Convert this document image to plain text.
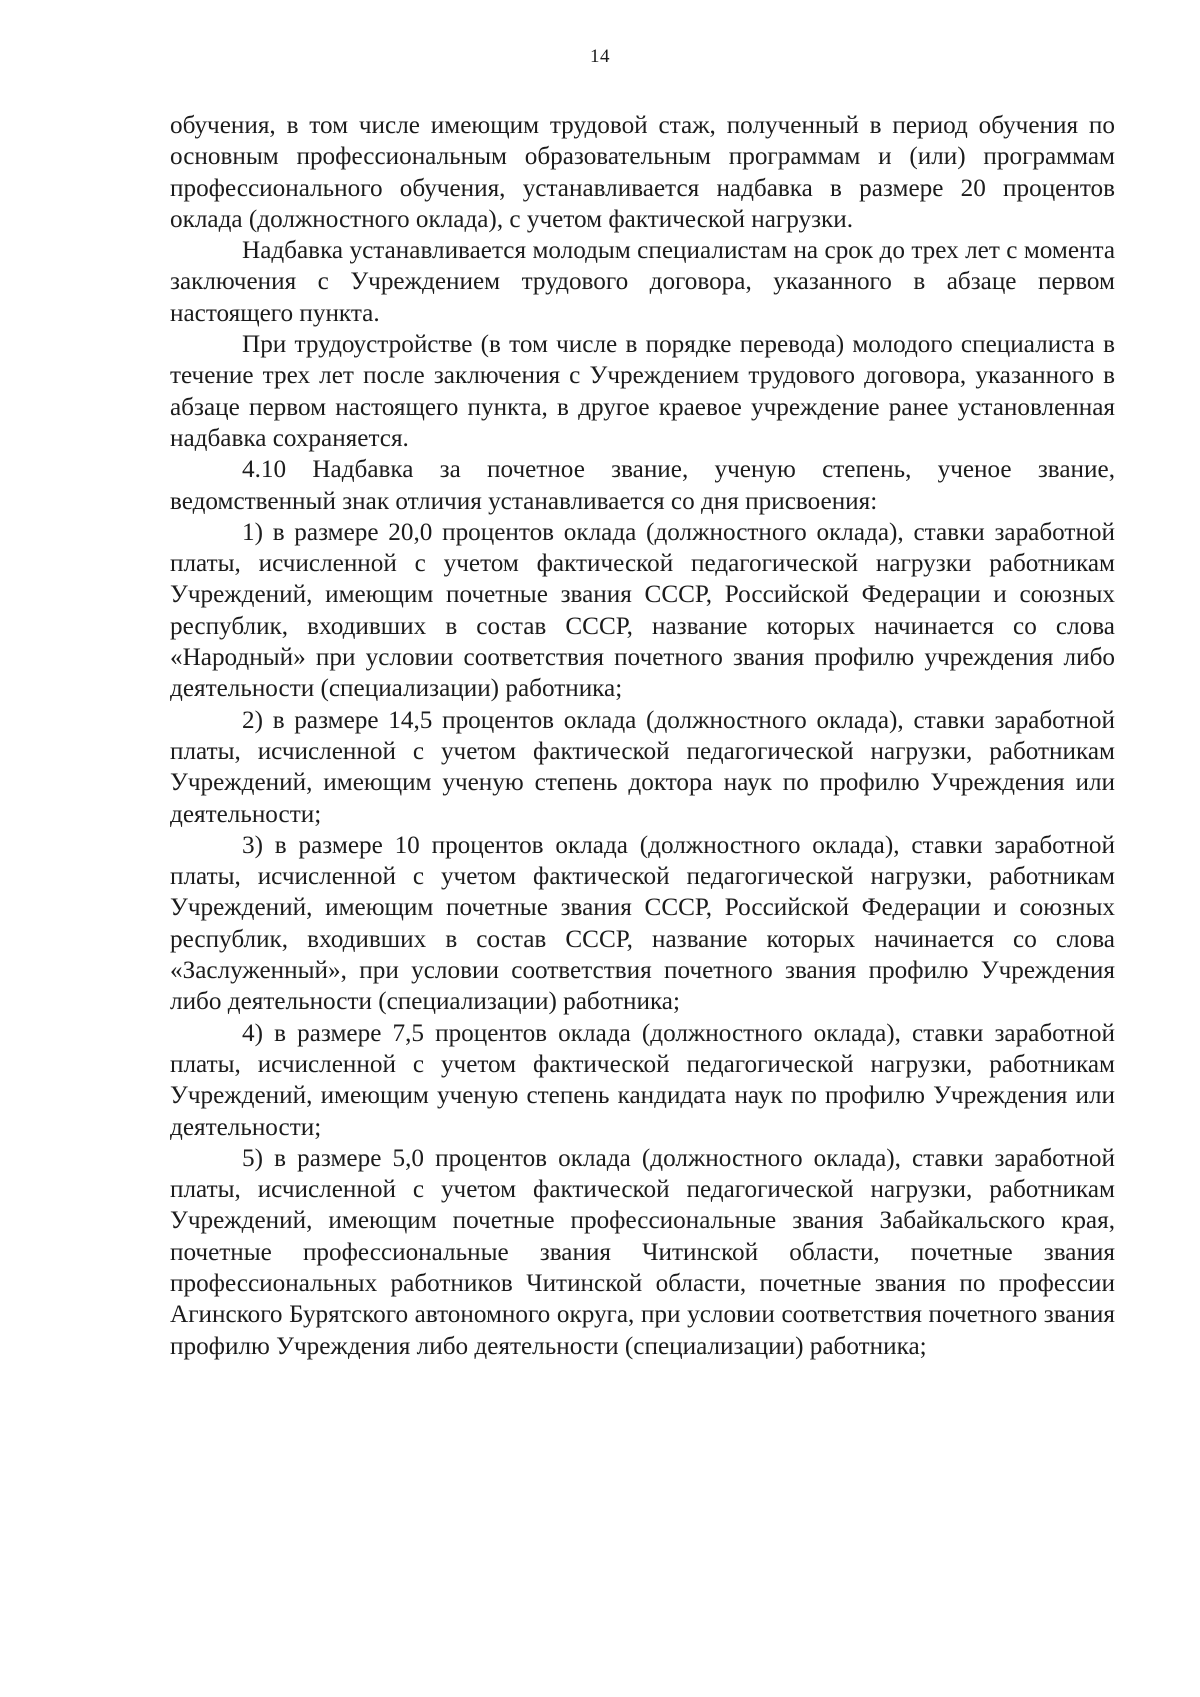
14

обучения, в том числе имеющим трудовой стаж, полученный в период обучения по основным профессиональным образовательным программам и (или) программам профессионального обучения, устанавливается надбавка в размере 20 процентов оклада (должностного оклада), с учетом фактической нагрузки.

Надбавка устанавливается молодым специалистам на срок до трех лет с момента заключения с Учреждением трудового договора, указанного в абзаце первом настоящего пункта.

При трудоустройстве (в том числе в порядке перевода) молодого специалиста в течение трех лет после заключения с Учреждением трудового договора, указанного в абзаце первом настоящего пункта, в другое краевое учреждение ранее установленная надбавка сохраняется.

4.10 Надбавка за почетное звание, ученую степень, ученое звание, ведомственный знак отличия устанавливается со дня присвоения:

1) в размере 20,0 процентов оклада (должностного оклада), ставки заработной платы, исчисленной с учетом фактической педагогической нагрузки работникам Учреждений, имеющим почетные звания СССР, Российской Федерации и союзных республик, входивших в состав СССР, название которых начинается со слова «Народный» при условии соответствия почетного звания профилю учреждения либо деятельности (специализации) работника;

2) в размере 14,5 процентов оклада (должностного оклада), ставки заработной платы, исчисленной с учетом фактической педагогической нагрузки, работникам Учреждений, имеющим ученую степень доктора наук по профилю Учреждения или деятельности;

3) в размере 10 процентов оклада (должностного оклада), ставки заработной платы, исчисленной с учетом фактической педагогической нагрузки, работникам Учреждений, имеющим почетные звания СССР, Российской Федерации и союзных республик, входивших в состав СССР, название которых начинается со слова «Заслуженный», при условии соответствия почетного звания профилю Учреждения либо деятельности (специализации) работника;

4) в размере 7,5 процентов оклада (должностного оклада), ставки заработной платы, исчисленной с учетом фактической педагогической нагрузки, работникам Учреждений, имеющим ученую степень кандидата наук по профилю Учреждения или деятельности;

5) в размере 5,0 процентов оклада (должностного оклада), ставки заработной платы, исчисленной с учетом фактической педагогической нагрузки, работникам Учреждений, имеющим почетные профессиональные звания Забайкальского края, почетные профессиональные звания Читинской области, почетные звания профессиональных работников Читинской области, почетные звания по профессии Агинского Бурятского автономного округа, при условии соответствия почетного звания профилю Учреждения либо деятельности (специализации) работника;
